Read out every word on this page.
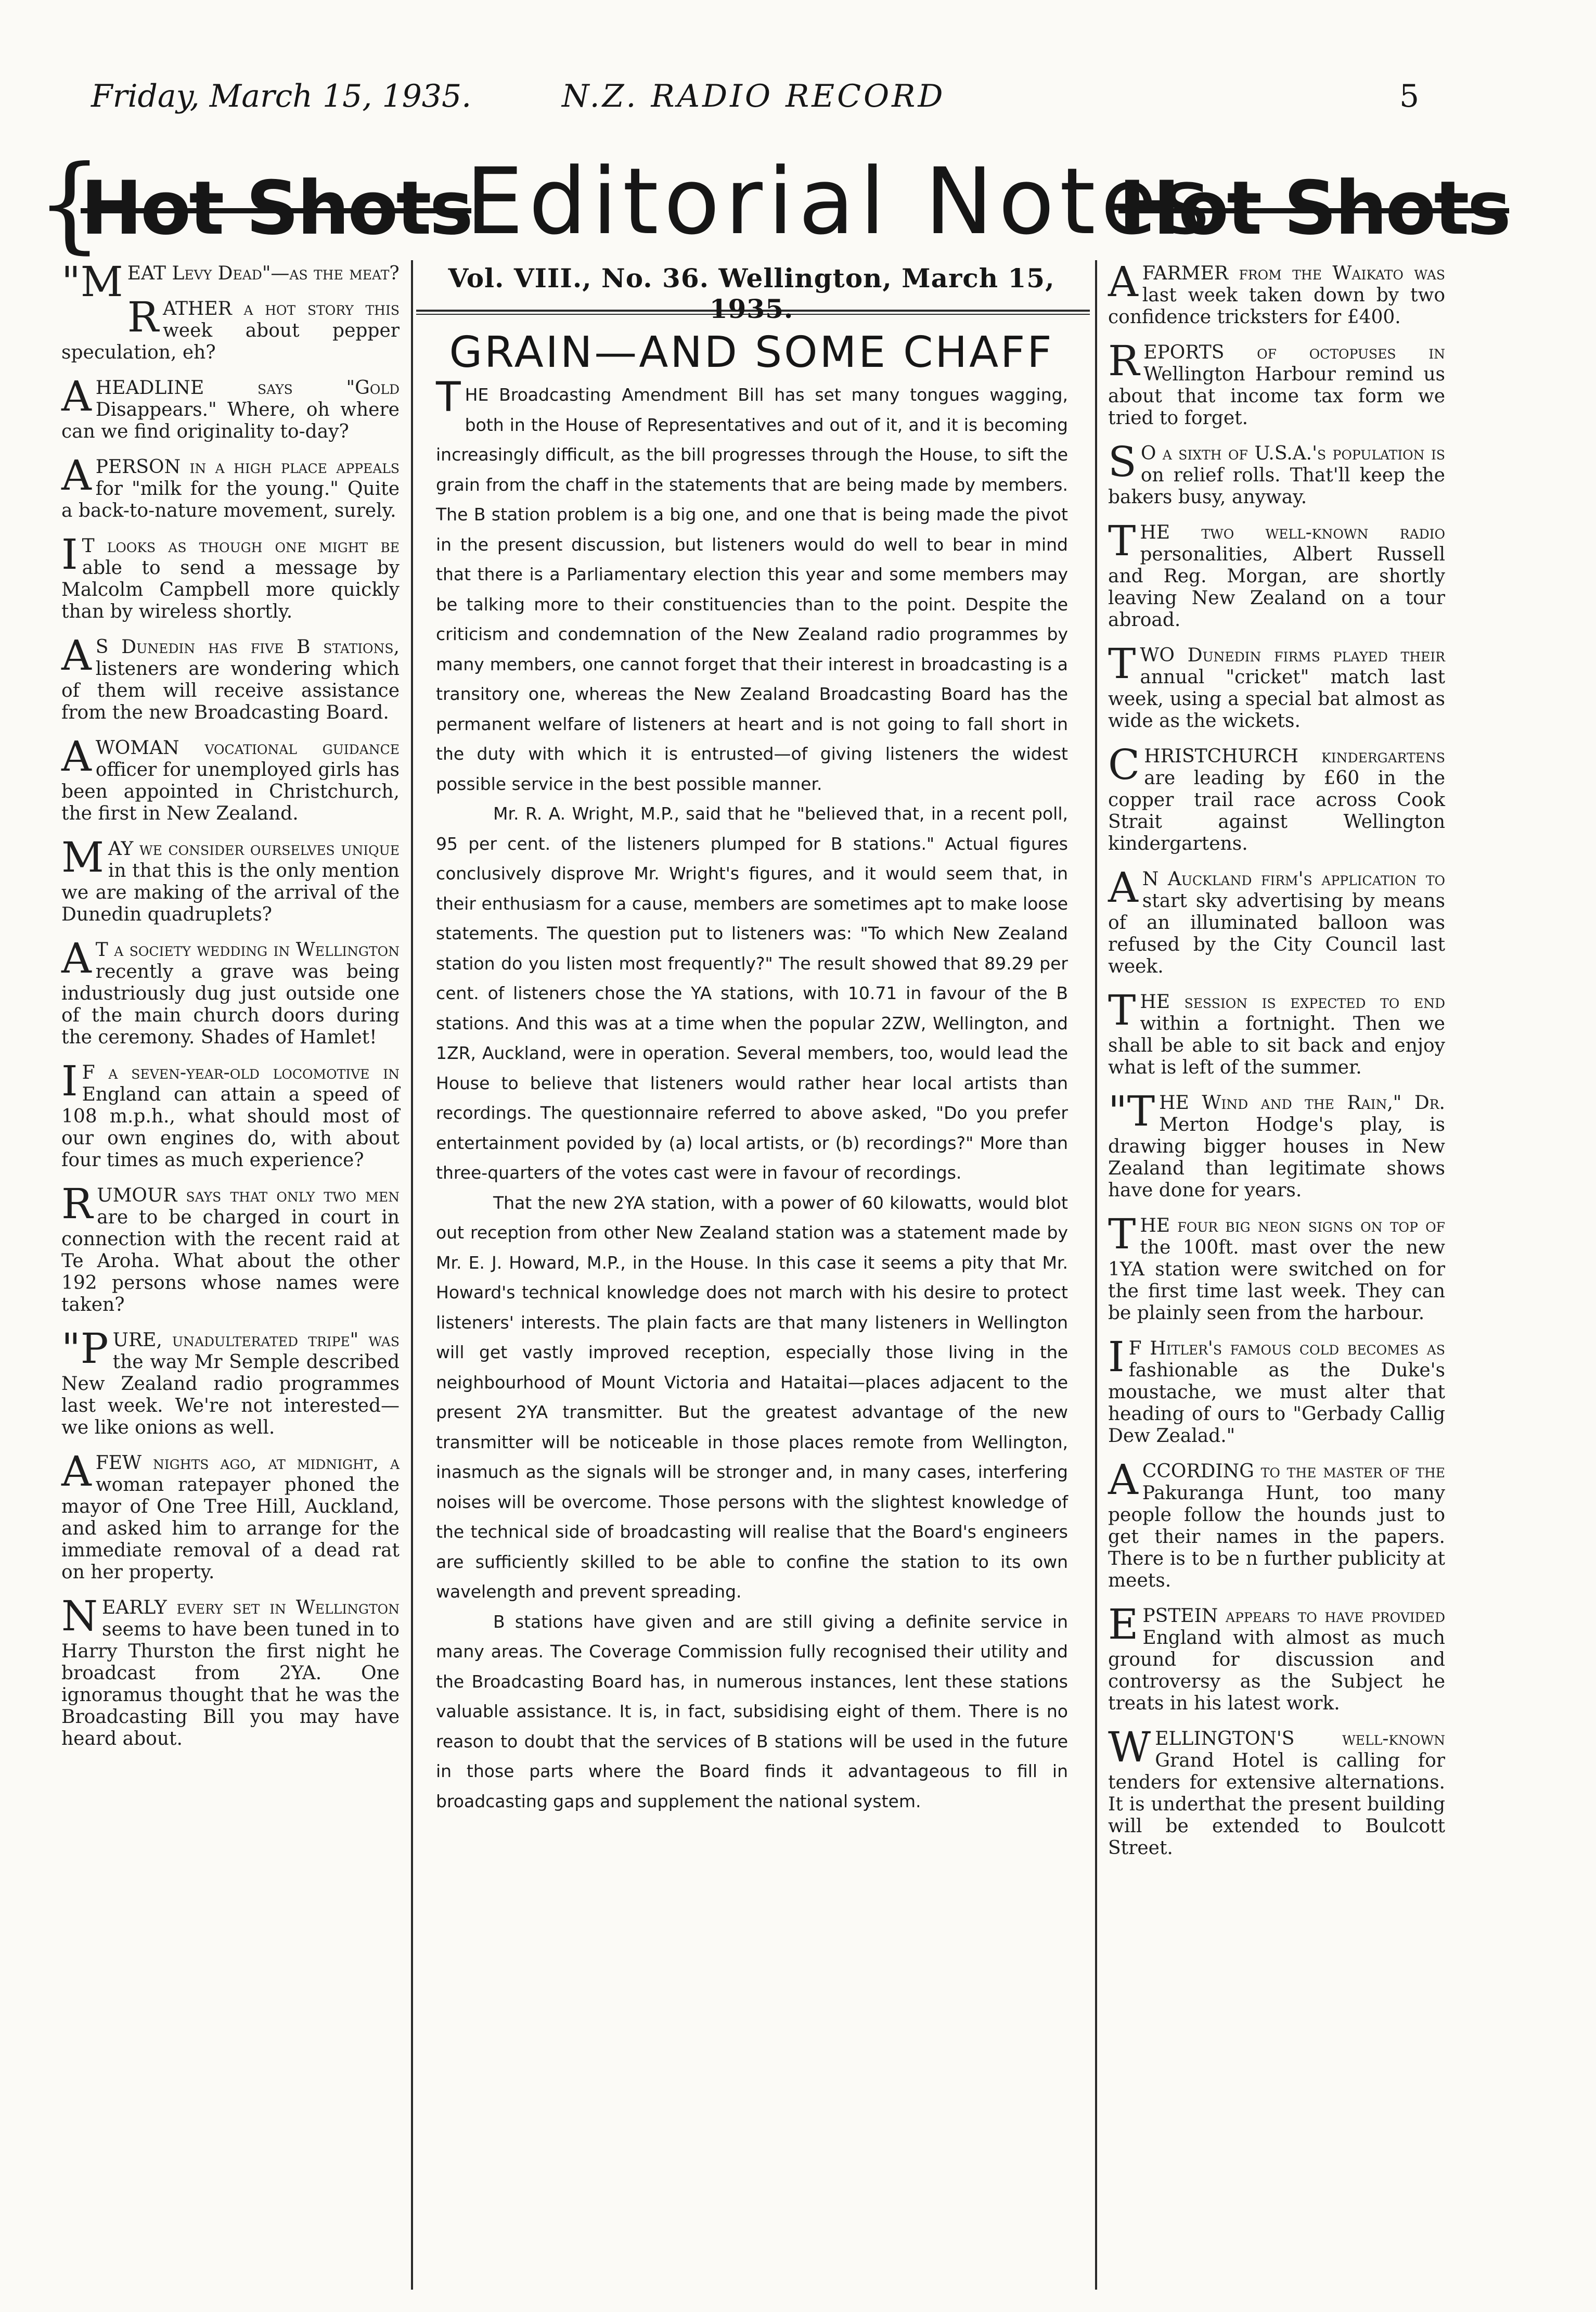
Friday, March 15, 1935.	N.Z. RADIO RECORD	5
{
Hot Shots
Editorial Notes
Hot Shots
Vol. VIII., No. 36. Wellington, March 15, 1935.
GRAIN—AND SOME CHAFF

THE Broadcasting Amendment Bill has set many tongues wagging, both in the House of Representatives and out of it, and it is becoming increasingly difficult, as the bill progresses through the House, to sift the grain from the chaff in the statements that are being made by members. The B station problem is a big one, and one that is being made the pivot in the present discussion, but listeners would do well to bear in mind that there is a Parliamentary election this year and some members may be talking more to their constituencies than to the point. Despite the criticism and condemnation of the New Zealand radio programmes by many members, one cannot forget that their interest in broadcasting is a transitory one, whereas the New Zealand Broadcasting Board has the permanent welfare of listeners at heart and is not going to fall short in the duty with which it is entrusted—of giving listeners the widest possible service in the best possible manner.

Mr. R. A. Wright, M.P., said that he "believed that, in a recent poll, 95 per cent. of the listeners plumped for B stations." Actual figures conclusively disprove Mr. Wright's figures, and it would seem that, in their enthusiasm for a cause, members are sometimes apt to make loose statements. The question put to listeners was: "To which New Zealand station do you listen most frequently?" The result showed that 89.29 per cent. of listeners chose the YA stations, with 10.71 in favour of the B stations. And this was at a time when the popular 2ZW, Wellington, and 1ZR, Auckland, were in operation. Several members, too, would lead the House to believe that listeners would rather hear local artists than recordings. The questionnaire referred to above asked, "Do you prefer entertainment povided by (a) local artists, or (b) recordings?" More than three-quarters of the votes cast were in favour of recordings.

That the new 2YA station, with a power of 60 kilowatts, would blot out reception from other New Zealand station was a statement made by Mr. E. J. Howard, M.P., in the House. In this case it seems a pity that Mr. Howard's technical knowledge does not march with his desire to protect listeners' interests. The plain facts are that many listeners in Wellington will get vastly improved reception, especially those living in the neighbourhood of Mount Victoria and Hataitai—places adjacent to the present 2YA transmitter. But the greatest advantage of the new transmitter will be noticeable in those places remote from Wellington, inasmuch as the signals will be stronger and, in many cases, interfering noises will be overcome. Those persons with the slightest knowledge of the technical side of broadcasting will realise that the Board's engineers are sufficiently skilled to be able to confine the station to its own wavelength and prevent spreading.

B stations have given and are still giving a definite service in many areas. The Coverage Commission fully recognised their utility and the Broadcasting Board has, in numerous instances, lent these stations valuable assistance. It is, in fact, subsidising eight of them. There is no reason to doubt that the services of B stations will be used in the future in those parts where the Board finds it advantageous to fill in broadcasting gaps and supplement the national system.

"MEAT Levy Dead"—as the meat?

RATHER a hot story this week about pepper speculation, eh?

AHEADLINE says "Gold Disappears." Where, oh where can we find originality to-day?

APERSON in a high place appeals for "milk for the young." Quite a back-to-nature movement, surely.

IT looks as though one might be able to send a message by Malcolm Campbell more quickly than by wireless shortly.

AS Dunedin has five B stations, listeners are wondering which of them will receive assistance from the new Broadcasting Board.

AWOMAN vocational guidance officer for unemployed girls has been appointed in Christchurch, the first in New Zealand.

MAY we consider ourselves unique in that this is the only mention we are making of the arrival of the Dunedin quadruplets?

AT a society wedding in Wellington recently a grave was being industriously dug just outside one of the main church doors during the ceremony. Shades of Hamlet!

IF a seven-year-old locomotive in England can attain a speed of 108 m.p.h., what should most of our own engines do, with about four times as much experience?

RUMOUR says that only two men are to be charged in court in connection with the recent raid at Te Aroha. What about the other 192 persons whose names were taken?

"PURE, unadulterated tripe" was the way Mr Semple described New Zealand radio programmes last week. We're not interested—we like onions as well.

AFEW nights ago, at midnight, a woman ratepayer phoned the mayor of One Tree Hill, Auckland, and asked him to arrange for the immediate removal of a dead rat on her property.

NEARLY every set in Wellington seems to have been tuned in to Harry Thurston the first night he broadcast from 2YA. One ignoramus thought that he was the Broadcasting Bill you may have heard about.

AFARMER from the Waikato was last week taken down by two confidence tricksters for £400.

REPORTS of octopuses in Wellington Harbour remind us about that income tax form we tried to forget.

SO a sixth of U.S.A.'s population is on relief rolls. That'll keep the bakers busy, anyway.

THE two well-known radio personalities, Albert Russell and Reg. Morgan, are shortly leaving New Zealand on a tour abroad.

TWO Dunedin firms played their annual "cricket" match last week, using a special bat almost as wide as the wickets.

CHRISTCHURCH kindergartens are leading by £60 in the copper trail race across Cook Strait against Wellington kindergartens.

AN Auckland firm's application to start sky advertising by means of an illuminated balloon was refused by the City Council last week.

THE session is expected to end within a fortnight. Then we shall be able to sit back and enjoy what is left of the summer.

"THE Wind and the Rain," Dr. Merton Hodge's play, is drawing bigger houses in New Zealand than legitimate shows have done for years.

THE four big neon signs on top of the 100ft. mast over the new 1YA station were switched on for the first time last week. They can be plainly seen from the harbour.

IF Hitler's famous cold becomes as fashionable as the Duke's moustache, we must alter that heading of ours to "Gerbady Callig Dew Zealad."

ACCORDING to the master of the Pakuranga Hunt, too many people follow the hounds just to get their names in the papers. There is to be n further publicity at meets.

EPSTEIN appears to have provided England with almost as much ground for discussion and controversy as the Subject he treats in his latest work.

WELLINGTON'S well-known Grand Hotel is calling for tenders for extensive alternations. It is underthat the present building will be extended to Boulcott Street.
